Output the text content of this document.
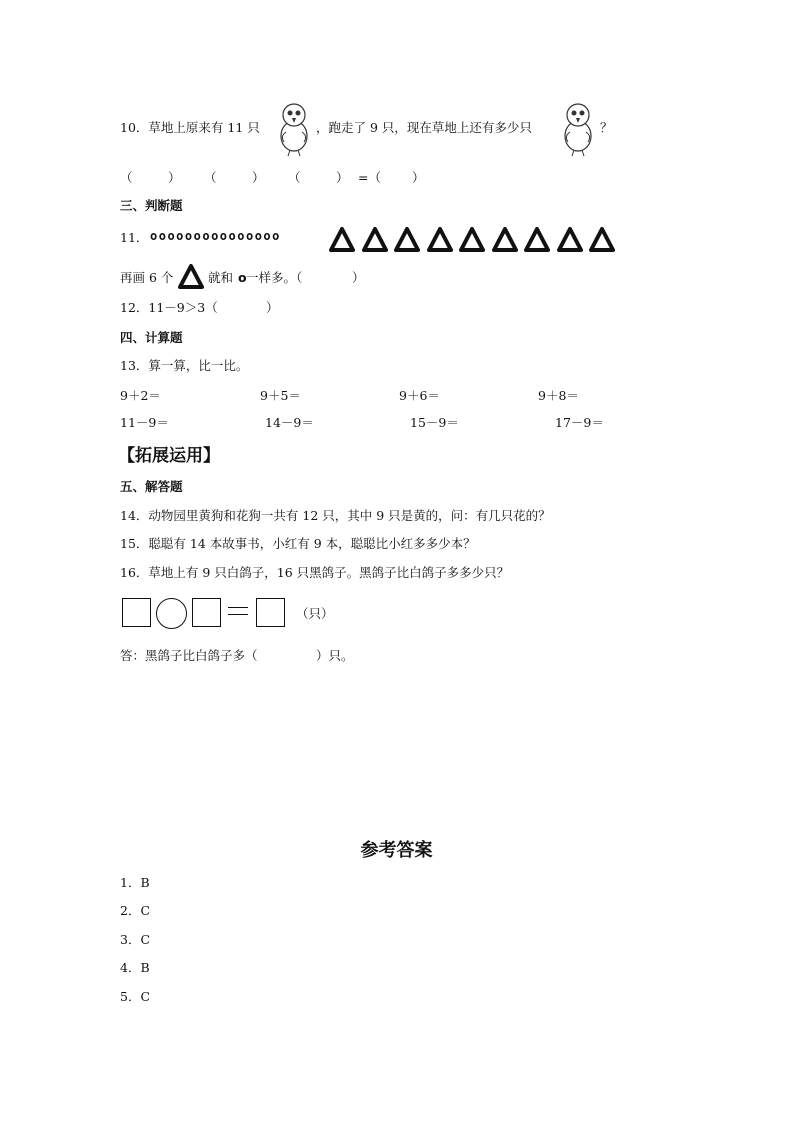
10．草地上原来有 11 只	，跑走了 9 只，现在草地上还有多少只	？
（	） （	） （	） =（ ）
三、判断题
11． ooooooooooooooo
再画 6 个	就和 o 一样多。（	）
12．11－9＞3（	）
四、计算题
13．算一算，比一比。
9＋2＝	9＋5＝	9＋6＝	9＋8＝
11－9＝	14－9＝	15－9＝	17－9＝
【拓展运用】
五、解答题
14．动物园里黄狗和花狗一共有 12 只，其中 9 只是黄的，问：有几只花的？
15．聪聪有 14 本故事书，小红有 9 本，聪聪比小红多多少本？
16．草地上有 9 只白鸽子，16 只黑鸽子。黑鸽子比白鸽子多多少只？
（只）
答：黑鸽子比白鸽子多（	）只。
参考答案
1．B
2．C
3．C
4．B
5．C
